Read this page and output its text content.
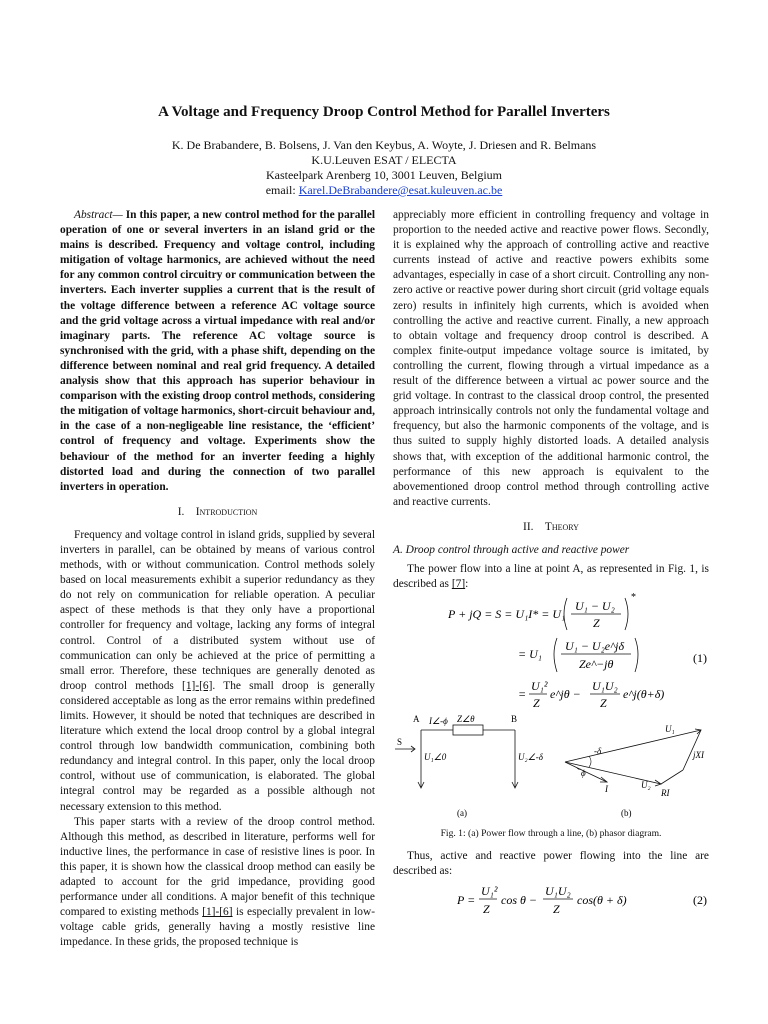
A Voltage and Frequency Droop Control Method for Parallel Inverters
K. De Brabandere, B. Bolsens, J. Van den Keybus, A. Woyte, J. Driesen and R. Belmans
K.U.Leuven ESAT / ELECTA
Kasteelpark Arenberg 10, 3001 Leuven, Belgium
email: Karel.DeBrabandere@esat.kuleuven.ac.be

Abstract— In this paper, a new control method for the parallel operation of one or several inverters in an island grid or the mains is described. Frequency and voltage control, including mitigation of voltage harmonics, are achieved without the need for any common control circuitry or communication between the inverters. Each inverter supplies a current that is the result of the voltage difference between a reference AC voltage source and the grid voltage across a virtual impedance with real and/or imaginary parts. The reference AC voltage source is synchronised with the grid, with a phase shift, depending on the difference between nominal and real grid frequency. A detailed analysis show that this approach has superior behaviour in comparison with the existing droop control methods, considering the mitigation of voltage harmonics, short-circuit behaviour and, in the case of a non-negligeable line resistance, the ‘efficient’ control of frequency and voltage. Experiments show the behaviour of the method for an inverter feeding a highly distorted load and during the connection of two parallel inverters in operation.

I. Introduction

Frequency and voltage control in island grids, supplied by several inverters in parallel, can be obtained by means of various control methods, with or without communication. Control methods solely based on local measurements exhibit a superior redundancy as they do not rely on communication for reliable operation. A peculiar aspect of these methods is that they only have a proportional controller for frequency and voltage, lacking any forms of integral control. Control of a distributed system without use of communication can only be achieved at the price of permitting a small error. Therefore, these techniques are generally denoted as droop control methods [1]-[6]. The small droop is generally considered acceptable as long as the error remains within predefined limits. However, it should be noted that techniques are described in literature which extend the local droop control by a global integral control through low bandwidth communication, combining both redundancy and integral control. In this paper, only the local droop control, without use of communication, is elaborated. The global integral control may be regarded as a possible although not necessary extension to this method.

This paper starts with a review of the droop control method. Although this method, as described in literature, performs well for inductive lines, the performance in case of resistive lines is poor. In this paper, it is shown how the classical droop method can easily be adapted to account for the grid impedance, providing good performance under all conditions. A major benefit of this technique compared to existing methods [1]-[6] is especially prevalent in low-voltage cable grids, generally having a mostly resistive line impedance. In these grids, the proposed technique is

appreciably more efficient in controlling frequency and voltage in proportion to the needed active and reactive power flows. Secondly, it is explained why the approach of controlling active and reactive currents instead of active and reactive powers exhibits some advantages, especially in case of a short circuit. Controlling any non-zero active or reactive power during short circuit (grid voltage equals zero) results in infinitely high currents, which is avoided when controlling the active and reactive current. Finally, a new approach to obtain voltage and frequency droop control is described. A complex finite-output impedance voltage source is imitated, by controlling the current, flowing through a virtual impedance as a result of the difference between a virtual ac power source and the grid voltage. In contrast to the classical droop control, the presented approach intrinsically controls not only the fundamental voltage and frequency, but also the harmonic components of the voltage, and is thus suited to supply highly distorted loads. A detailed analysis shows that, with exception of the additional harmonic control, the performance of this new approach is equivalent to the abovementioned droop control method through controlling active and reactive currents.

II. Theory
A. Droop control through active and reactive power

The power flow into a line at point A, as represented in Fig. 1, is described as [7]:

P + jQ = S = U₁I* = U₁
U₁ − U₂
Z
*
= U₁
U₁ − U₂e^jδ
Ze^−jθ	(1)
=
U₁²
Z
e^jθ −
U₁U₂
Z
e^j(θ+δ)
A	B
I∠-ϕ Z∠θ
U₁∠0	U₂∠-δ
S
(a)
U₁
U₂
RI
jXI
I
-δ
ϕ
(b)
Fig. 1: (a) Power flow through a line, (b) phasor diagram.

Thus, active and reactive power flowing into the line are described as:

P =
U₁²
Z
cos θ −
U₁U₂
Z
cos(θ + δ)	(2)
